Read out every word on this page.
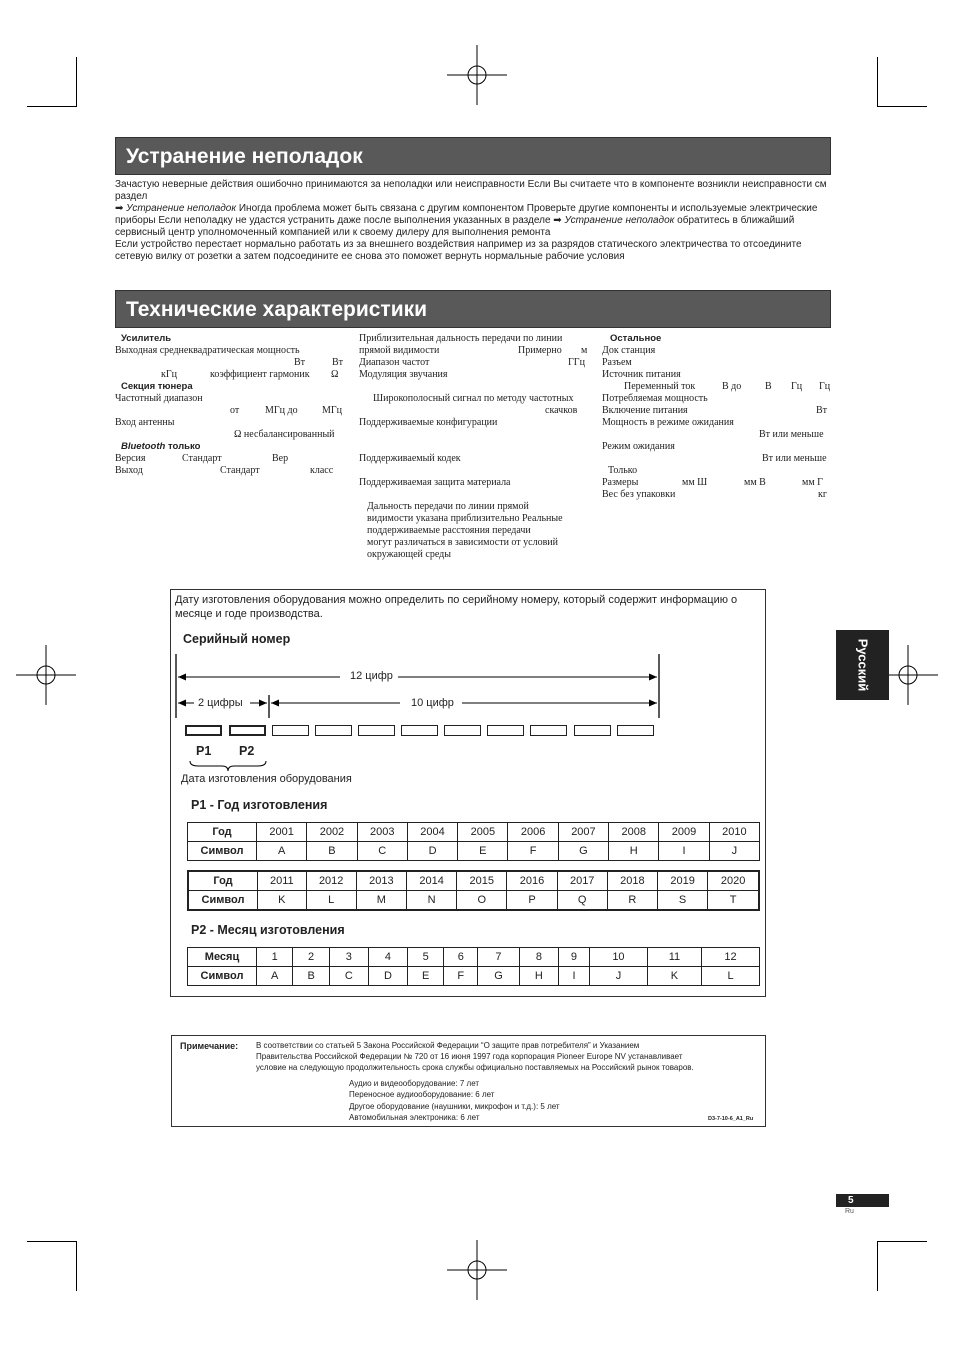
Устранение неполадок

Зачастую неверные действия ошибочно принимаются за неполадки или неисправности Если Вы считаете что в компоненте возникли неисправности см раздел

➡ Устранение неполадок Иногда проблема может быть связана с другим компонентом Проверьте другие компоненты и используемые электрические приборы Если неполадку не удастся устранить даже после выполнения указанных в разделе ➡ Устранение неполадок обратитесь в ближайший сервисный центр уполномоченный компанией или к своему дилеру для выполнения ремонта

Если устройство перестает нормально работать из за внешнего воздействия например из за разрядов статического электричества то отсоедините сетевую вилку от розетки а затем подсоедините ее снова это поможет вернуть нормальные рабочие условия

Технические характеристики
Усилитель
Выходная среднеквадратическая мощность
Вт	Вт
кГц	коэффициент гармоник Ω
Секция тюнера
Частотный диапазон
от	МГц до МГц
Вход антенны
Ω несбалансированный
Bluetooth только
Версия	Стандарт	Вер
Выход	Стандарт	класс
Приблизительная дальность передачи по линии
прямой видимости	Примерно м
Диапазон частот	ГГц
Модуляция звучания
Широкополосный сигнал по методу частотных
скачков
Поддерживаемые конфигурации
Поддерживаемый кодек
Поддерживаемая защита материала
Дальность передачи по линии прямой
видимости указана приблизительно Реальные
поддерживаемые расстояния передачи
могут различаться в зависимости от условий
окружающей среды
Остальное
Док станция
Разъем
Источник питания
Переменный ток	В до В Гц Гц
Потребляемая мощность
Включение питания	Вт
Мощность в режиме ожидания
Вт или меньше
Режим ожидания
Вт или меньше
Только
Размеры	мм Ш	мм В	мм Г
Вес без упаковки	кг
Дату изготовления оборудования можно определить по серийному номеру, который содержит информацию о месяце и годе производства.
Серийный номер
12 цифр
2 цифры	10 цифр
P1 P2
Дата изготовления оборудования
P1 - Год изготовления
Год	2001	2002	2003	2004	2005	2006	2007	2008	2009	2010
Символ	A	B	C	D	E	F	G	H	I	J
Год	2011	2012	2013	2014	2015	2016	2017	2018	2019	2020
Символ	K	L	M	N	O	P	Q	R	S	T
P2 - Месяц изготовления
Месяц	1	2	3	4	5	6	7	8	9	10	11	12
Символ	A	B	C	D	E	F	G	H	I	J	K	L
Примечание: В соответствии со статьей 5 Закона Российской Федерации “О защите прав потребителя” и Указанием
Правительства Российской Федерации № 720 от 16 июня 1997 года корпорация Pioneer Europe NV устанавливает
условие на следующую продолжительность срока службы официально поставляемых на Российский рынок товаров.
Аудио и видеооборудование: 7 лет
Переносное аудиооборудование: 6 лет
Другое оборудование (наушники, микрофон и т.д.): 5 лет
Автомобильная электроника: 6 лет	D3-7-10-6_A1_Ru
Русский
5
Ru
